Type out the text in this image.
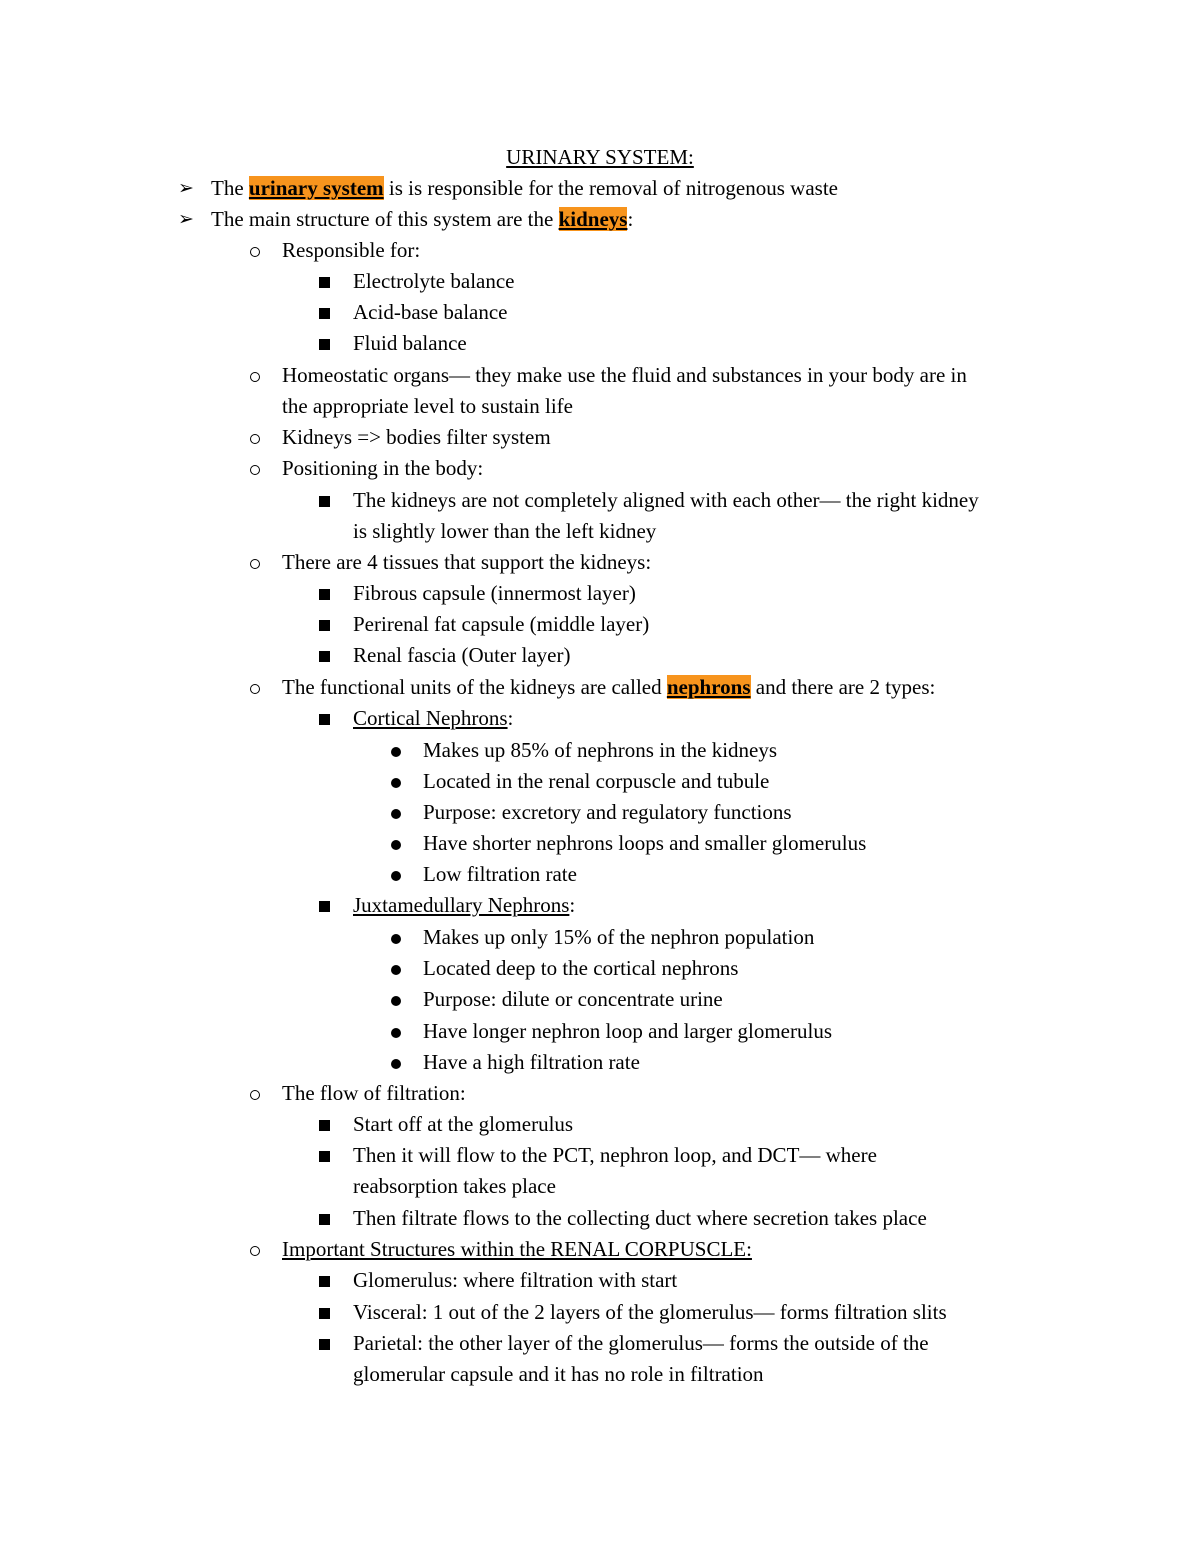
URINARY SYSTEM:
➢ The urinary system is is responsible for the removal of nitrogenous waste
➢ The main structure of this system are the kidneys:
Responsible for:
Electrolyte balance
Acid-base balance
Fluid balance
Homeostatic organs— they make use the fluid and substances in your body are in
the appropriate level to sustain life
Kidneys => bodies filter system
Positioning in the body:
The kidneys are not completely aligned with each other— the right kidney
is slightly lower than the left kidney
There are 4 tissues that support the kidneys:
Fibrous capsule (innermost layer)
Perirenal fat capsule (middle layer)
Renal fascia (Outer layer)
The functional units of the kidneys are called nephrons and there are 2 types:
Cortical Nephrons:
Makes up 85% of nephrons in the kidneys
Located in the renal corpuscle and tubule
Purpose: excretory and regulatory functions
Have shorter nephrons loops and smaller glomerulus
Low filtration rate
Juxtamedullary Nephrons:
Makes up only 15% of the nephron population
Located deep to the cortical nephrons
Purpose: dilute or concentrate urine
Have longer nephron loop and larger glomerulus
Have a high filtration rate
The flow of filtration:
Start off at the glomerulus
Then it will flow to the PCT, nephron loop, and DCT— where
reabsorption takes place
Then filtrate flows to the collecting duct where secretion takes place
Important Structures within the RENAL CORPUSCLE:
Glomerulus: where filtration with start
Visceral: 1 out of the 2 layers of the glomerulus— forms filtration slits
Parietal: the other layer of the glomerulus— forms the outside of the
glomerular capsule and it has no role in filtration
